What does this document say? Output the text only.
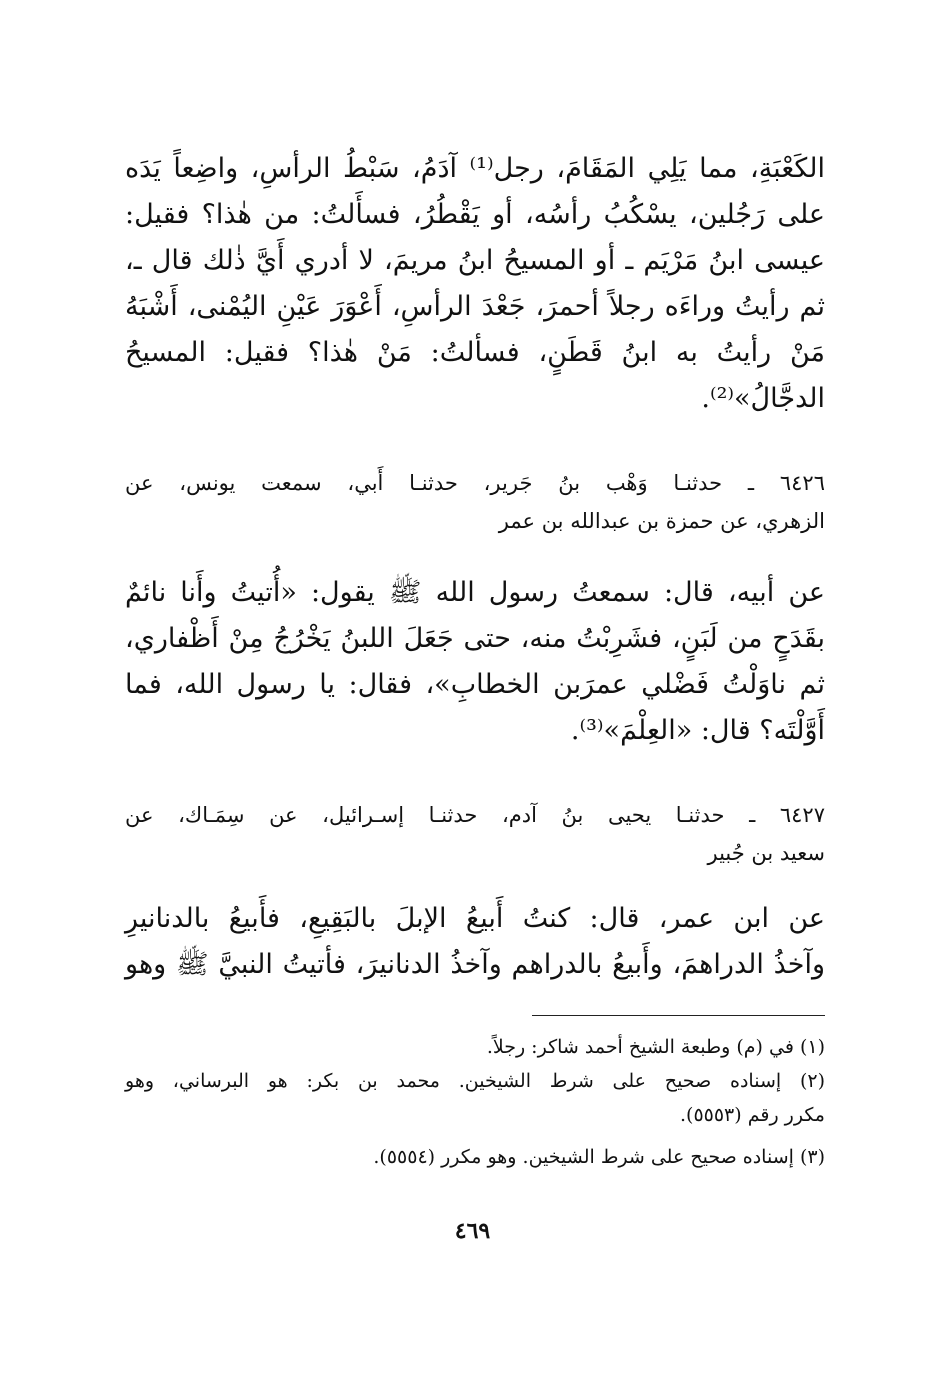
الكَعْبَةِ، مما يَلِي المَقَامَ، رجل⁽¹⁾ آدَمُ، سَبْطُ الرأسِ، واضِعاً يَدَه
على رَجُلين، يسْكُبُ رأسُه، أو يَقْطُرُ، فسأَلتُ: من هٰذا؟ فقيل:
عيسى ابنُ مَرْيَم ـ أو المسيحُ ابنُ مريمَ، لا أدري أَيَّ ذٰلك قال ـ،
ثم رأيتُ وراءَه رجلاً أحمرَ، جَعْدَ الرأسِ، أَعْوَرَ عَيْنِ اليُمْنى، أَشْبَهُ
مَنْ رأيتُ به ابنُ قَطَنٍ، فسألتُ: مَنْ هٰذا؟ فقيل: المسيحُ
الدجَّالُ»⁽²⁾.
٦٤٢٦ ـ حدثنـا وَهْب بنُ جَرير، حدثنـا أَبي، سمعت يونس، عن
الزهري، عن حمزة بن عبدالله بن عمر
عن أبيه، قال: سمعتُ رسول الله ﷺ يقول: «أُتيتُ وأَنا نائمٌ
بقَدَحٍ من لَبَنٍ، فشَرِبْتُ منه، حتى جَعَلَ اللبنُ يَخْرُجُ مِنْ أَظْفاري،
ثم ناوَلْتُ فَضْلي عمرَبن الخطابِ»، فقال: يا رسول الله، فما
أَوَّلْتَه؟ قال: «العِلْمَ»⁽³⁾.
٦٤٢٧ ـ حدثنـا يحيى بنُ آدم، حدثنـا إسـرائيل، عن سِمَـاك، عن
سعيد بن جُبير
عن ابن عمر، قال: كنتُ أَبيعُ الإبلَ بالبَقِيعِ، فأَبيعُ بالدنانيرِ
وآخذُ الدراهمَ، وأَبيعُ بالدراهم وآخذُ الدنانيرَ، فأتيتُ النبيَّ ﷺ وهو
(١) في (م) وطبعة الشيخ أحمد شاكر: رجلاً.
(٢) إسناده صحيح على شرط الشيخين. محمد بن بكر: هو البرساني، وهو
مكرر رقم (٥٥٥٣).
(٣) إسناده صحيح على شرط الشيخين. وهو مكرر (٥٥٥٤).
٤٦٩
